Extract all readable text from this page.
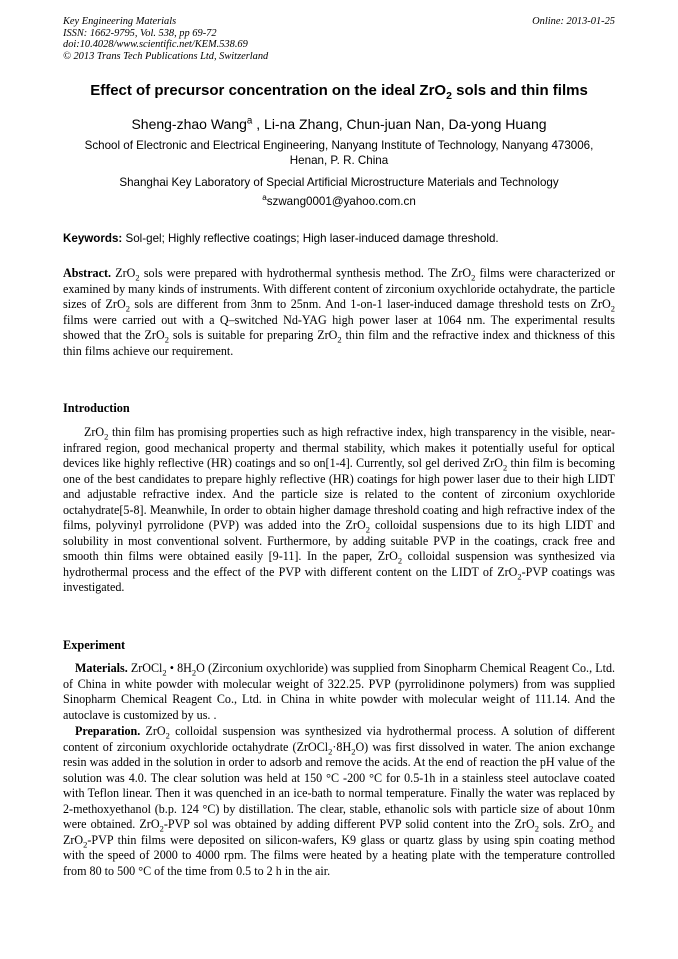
Key Engineering Materials
ISSN: 1662-9795, Vol. 538, pp 69-72
doi:10.4028/www.scientific.net/KEM.538.69
© 2013 Trans Tech Publications Ltd, Switzerland
Online: 2013-01-25
Effect of precursor concentration on the ideal ZrO$_2$ sols and thin films
Sheng-zhao Wang$^a$ , Li-na Zhang, Chun-juan Nan, Da-yong Huang
School of Electronic and Electrical Engineering, Nanyang Institute of Technology, Nanyang 473006,
Henan, P. R. China
Shanghai Key Laboratory of Special Artificial Microstructure Materials and Technology
$^a$szwang0001@yahoo.com.cn
Keywords: Sol-gel; Highly reflective coatings; High laser-induced damage threshold.
Abstract. ZrO$_2$ sols were prepared with hydrothermal synthesis method. The ZrO$_2$ films were characterized or examined by many kinds of instruments. With different content of zirconium oxychloride octahydrate, the particle sizes of ZrO$_2$ sols are different from 3nm to 25nm. And 1-on-1 laser-induced damage threshold tests on ZrO$_2$ films were carried out with a Q–switched Nd-YAG high power laser at 1064 nm. The experimental results showed that the ZrO$_2$ sols is suitable for preparing ZrO$_2$ thin film and the refractive index and thickness of this thin films achieve our requirement.
Introduction
ZrO$_2$ thin film has promising properties such as high refractive index, high transparency in the visible, near-infrared region, good mechanical property and thermal stability, which makes it potentially useful for optical devices like highly reflective (HR) coatings and so on[1-4]. Currently, sol gel derived ZrO$_2$ thin film is becoming one of the best candidates to prepare highly reflective (HR) coatings for high power laser due to their high LIDT and adjustable refractive index. And the particle size is related to the content of zirconium oxychloride octahydrate[5-8]. Meanwhile, In order to obtain higher damage threshold coating and high refractive index of the films, polyvinyl pyrrolidone (PVP) was added into the ZrO$_2$ colloidal suspensions due to its high LIDT and solubility in most conventional solvent. Furthermore, by adding suitable PVP in the coatings, crack free and smooth thin films were obtained easily [9-11]. In the paper, ZrO$_2$ colloidal suspension was synthesized via hydrothermal process and the effect of the PVP with different content on the LIDT of ZrO$_2$-PVP coatings was investigated.
Experiment
Materials. ZrOCl$_2$ • $8H_2O$ (Zirconium oxychloride) was supplied from Sinopharm Chemical Reagent Co., Ltd. of China in white powder with molecular weight of 322.25. PVP (pyrrolidinone polymers) from was supplied Sinopharm Chemical Reagent Co., Ltd. in China in white powder with molecular weight of 111.14. And the autoclave is customized by us. .
Preparation. ZrO$_2$ colloidal suspension was synthesized via hydrothermal process. A solution of different content of zirconium oxychloride octahydrate $(ZrOCl_2\cdot 8H_2O)$ was first dissolved in water. The anion exchange resin was added in the solution in order to adsorb and remove the acids. At the end of reaction the pH value of the solution was 4.0. The clear solution was held at 150 °C -200 °C for 0.5-1h in a stainless steel autoclave coated with Teflon linear. Then it was quenched in an ice-bath to normal temperature. Finally the water was replaced by 2-methoxyethanol (b.p. 124 °C) by distillation. The clear, stable, ethanolic sols with particle size of about 10nm were obtained. ZrO$_2$-PVP sol was obtained by adding different PVP solid content into the ZrO$_2$ sols. ZrO$_2$ and ZrO$_2$-PVP thin films were deposited on silicon-wafers, K9 glass or quartz glass by using spin coating method with the speed of 2000 to 4000 rpm. The films were heated by a heating plate with the temperature controlled from 80 to 500 °C of the time from 0.5 to 2 h in the air.
